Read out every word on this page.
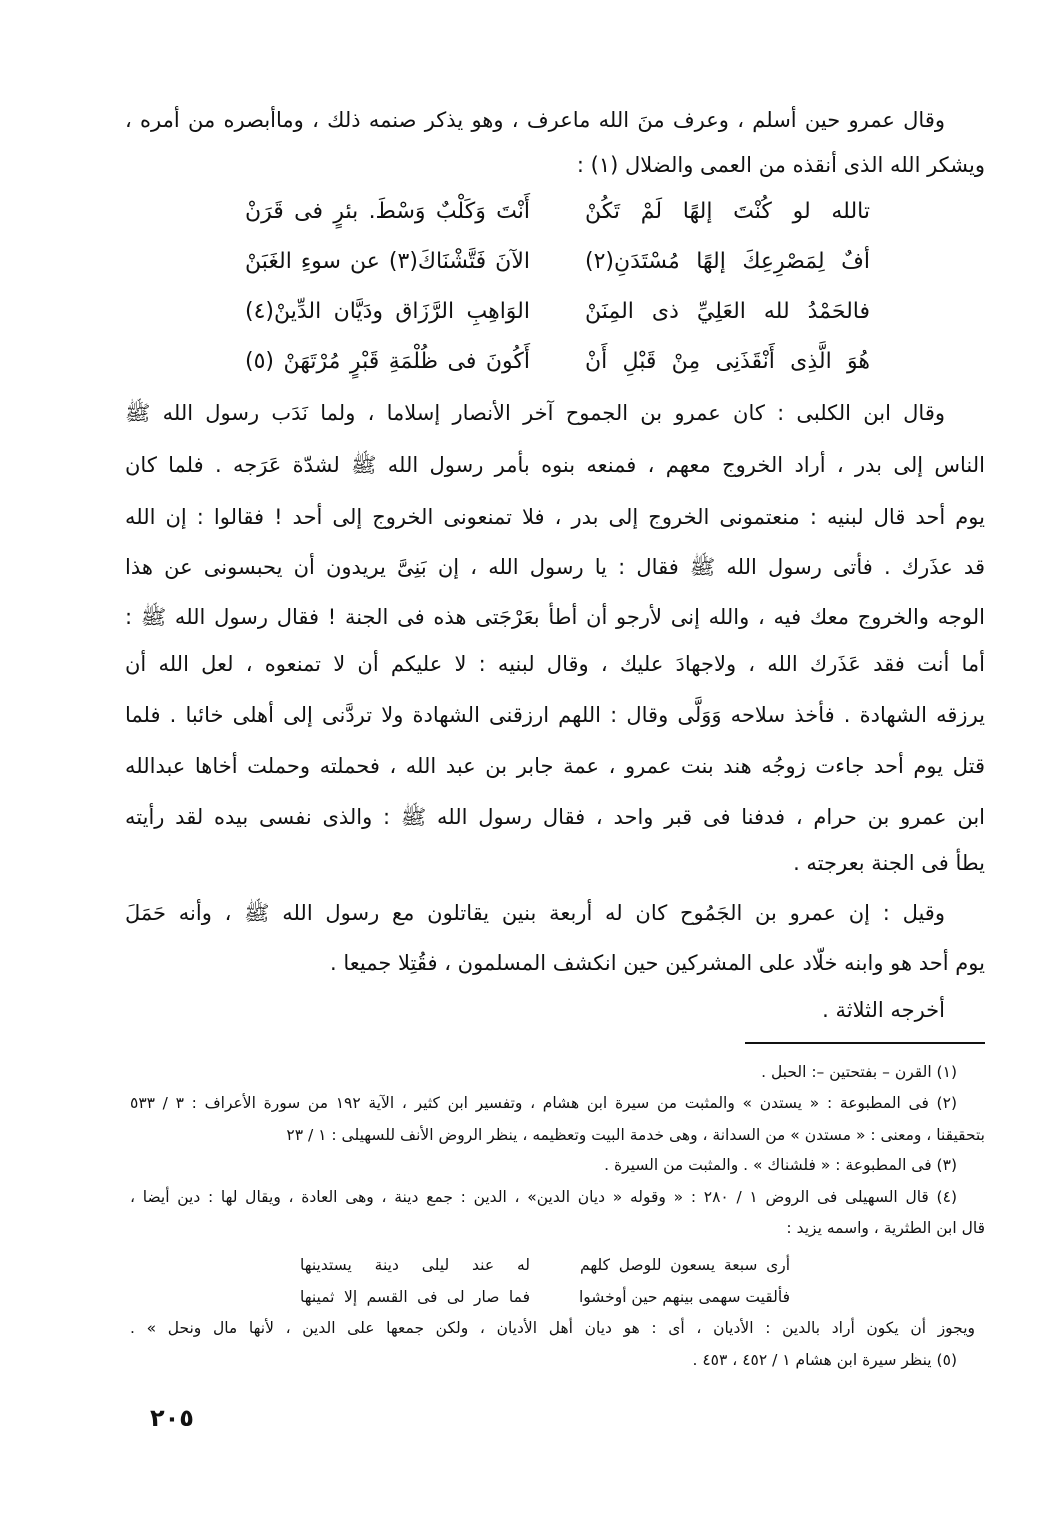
وقال عمرو حين أسلم ، وعرف منَ الله ماعرف ، وهو يذكر صنمه ذلك ، وماأبصره من أمره ،
ويشكر الله الذى أنقذه من العمى والضلال (١) :
تالله لو كُنْتَ إلهًا لَمْ تَكُنْ
أَنْتَ وَكَلْبٌ وَسْطَ. بئرٍ فى قَرَنْ
أفٌ لِمَصْرِعِكَ إلهًا مُسْتَدَنِ(٢)
الآنَ فَتَّشْنَاكَ(٣) عن سوءِ الغَبَنْ
فالحَمْدُ لله العَلِيِّ ذى المِنَنْ
الوَاهِبِ الرَّزَاق ودَيَّان الدِّينْ(٤)
هُوَ الَّذِى أَنْقَذَنِى مِنْ قَبْلِ أَنْ
أَكُونَ فى ظُلْمَةِ قَبْرٍ مُرْتَهَنْ (٥)
وقال ابن الكلبى : كان عمرو بن الجموح آخر الأنصار إسلاما ، ولما نَدَب رسول الله ﷺ
الناس إلى بدر ، أراد الخروج معهم ، فمنعه بنوه بأمر رسول الله ﷺ لشدّة عَرَجه . فلما كان
يوم أحد قال لبنيه : منعتمونى الخروج إلى بدر ، فلا تمنعونى الخروج إلى أحد ! فقالوا : إن الله
قد عذَرك . فأتى رسول الله ﷺ فقال : يا رسول الله ، إن بَنِىَّ يريدون أن يحبسونى عن هذا
الوجه والخروج معك فيه ، والله إنى لأرجو أن أطأ بعَرْجَتى هذه فى الجنة ! فقال رسول الله ﷺ :
أما أنت فقد عَذَرك الله ، ولاجهادَ عليك ، وقال لبنيه : لا عليكم أن لا تمنعوه ، لعل الله أن
يرزقه الشهادة . فأخذ سلاحه وَوَلَّى وقال : اللهم ارزقنى الشهادة ولا تردَّنى إلى أهلى خائبا . فلما
قتل يوم أحد جاءت زوجُه هند بنت عمرو ، عمة جابر بن عبد الله ، فحملته وحملت أخاها عبدالله
ابن عمرو بن حرام ، فدفنا فى قبر واحد ، فقال رسول الله ﷺ : والذى نفسى بيده لقد رأيته
يطأ فى الجنة بعرجته .
وقيل : إن عمرو بن الجَمُوح كان له أربعة بنين يقاتلون مع رسول الله ﷺ ، وأنه حَمَلَ
يوم أحد هو وابنه خلّاد على المشركين حين انكشف المسلمون ، فقُتِلا جميعا .
أخرجه الثلاثة .
(١) القرن – بفتحتين –: الحبل .
(٢) فى المطبوعة : « يستدن » والمثبت من سيرة ابن هشام ، وتفسير ابن كثير ، الآية ١٩٢ من سورة الأعراف : ٣ / ٥٣٣
بتحقيقنا ، ومعنى : « مستدن » من السدانة ، وهى خدمة البيت وتعظيمه ، ينظر الروض الأنف للسهيلى : ١ / ٢٣
(٣) فى المطبوعة : « فلشناك » . والمثبت من السيرة .
(٤) قال السهيلى فى الروض ١ / ٢٨٠ : « وقوله « ديان الدين» ، الدين : جمع دينة ، وهى العادة ، ويقال لها : دين أيضا ،
قال ابن الطثرية ، واسمه يزيد :
أرى سبعة يسعون للوصل كلهم
له عند ليلى دينة يستدينها
فألقيت سهمى بينهم حين أوخشوا
فما صار لى فى القسم إلا ثمينها
ويجوز أن يكون أراد بالدين : الأديان ، أى : هو ديان أهل الأديان ، ولكن جمعها على الدين ، لأنها مال ونحل » .
(٥) ينظر سيرة ابن هشام ١ / ٤٥٢ ، ٤٥٣ .
٢٠٥
